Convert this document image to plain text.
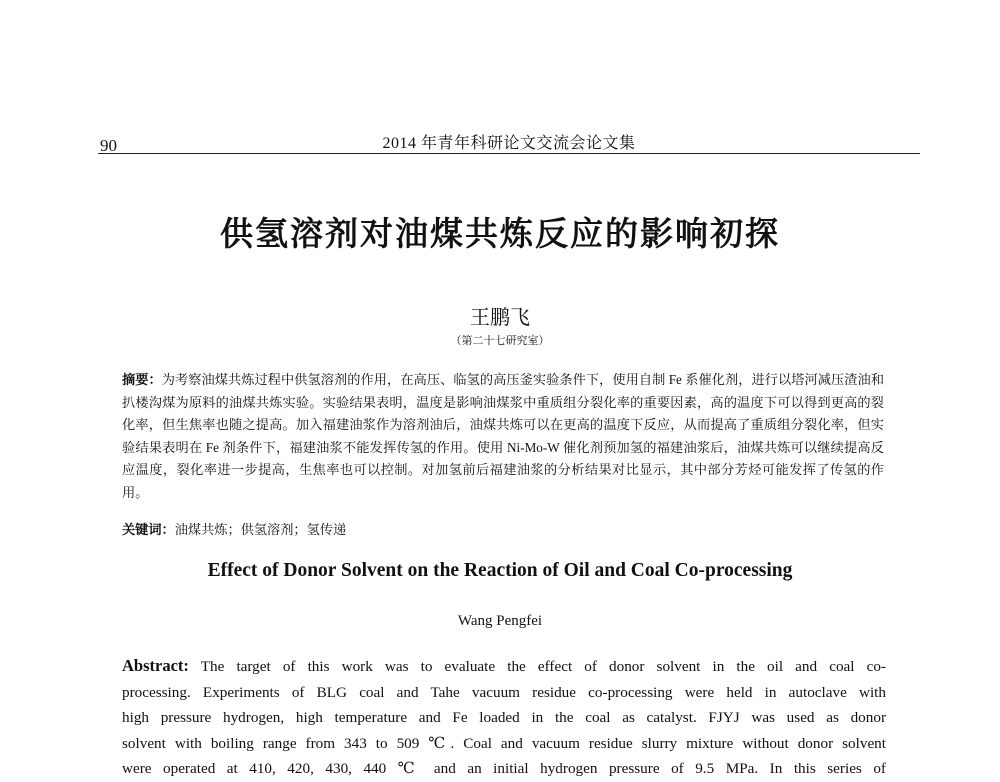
90	2014 年青年科研论文交流会论文集
供氢溶剂对油煤共炼反应的影响初探
王鹏飞
（第二十七研究室）
摘要：为考察油煤共炼过程中供氢溶剂的作用，在高压、临氢的高压釜实验条件下，使用自制 Fe 系催化剂，进行以塔河减压渣油和扒楼沟煤为原料的油煤共炼实验。实验结果表明，温度是影响油煤浆中重质组分裂化率的重要因素，高的温度下可以得到更高的裂化率，但生焦率也随之提高。加入福建油浆作为溶剂油后，油煤共炼可以在更高的温度下反应，从而提高了重质组分裂化率，但实验结果表明在 Fe 剂条件下，福建油浆不能发挥传氢的作用。使用 Ni-Mo-W 催化剂预加氢的福建油浆后，油煤共炼可以继续提高反应温度，裂化率进一步提高，生焦率也可以控制。对加氢前后福建油浆的分析结果对比显示，其中部分芳烃可能发挥了传氢的作用。
关键词：油煤共炼；供氢溶剂；氢传递
Effect of Donor Solvent on the Reaction of Oil and Coal Co-processing
Wang Pengfei
Abstract: The target of this work was to evaluate the effect of donor solvent in the oil and coal co-
processing. Experiments of BLG coal and Tahe vacuum residue co-processing were held in autoclave with
high pressure hydrogen, high temperature and Fe loaded in the coal as catalyst. FJYJ was used as donor
solvent with boiling range from 343 to 509 ℃. Coal and vacuum residue slurry mixture without donor solvent
were operated at 410, 420, 430, 440 ℃ and an initial hydrogen pressure of 9.5 MPa. In this series of
